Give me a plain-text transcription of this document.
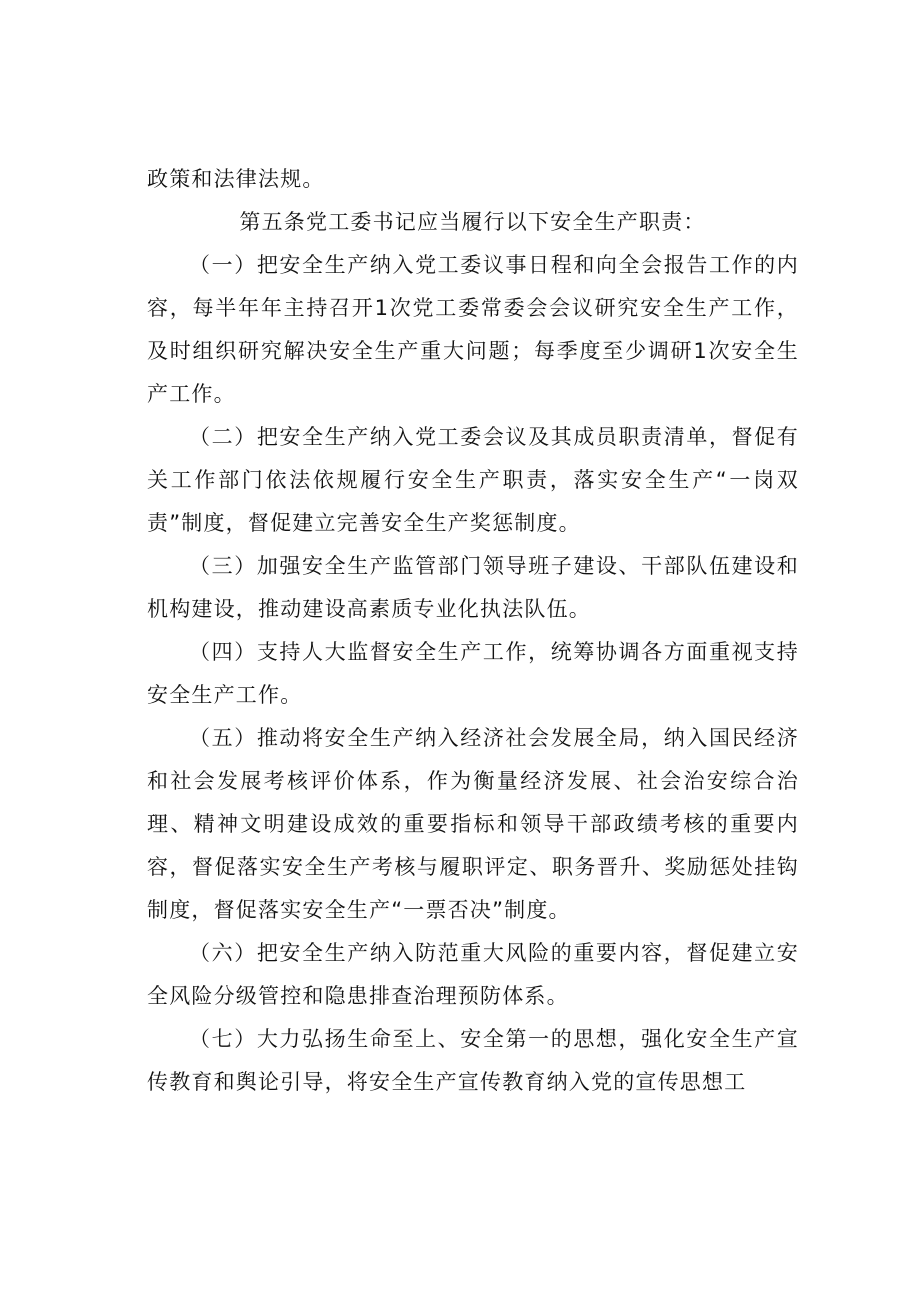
政策和法律法规。

第五条党工委书记应当履行以下安全生产职责：

（一）把安全生产纳入党工委议事日程和向全会报告工作的内容，每半年年主持召开1次党工委常委会会议研究安全生产工作，及时组织研究解决安全生产重大问题；每季度至少调研1次安全生产工作。

（二）把安全生产纳入党工委会议及其成员职责清单，督促有关工作部门依法依规履行安全生产职责，落实安全生产“一岗双责”制度，督促建立完善安全生产奖惩制度。

（三）加强安全生产监管部门领导班子建设、干部队伍建设和机构建设，推动建设高素质专业化执法队伍。

（四）支持人大监督安全生产工作，统筹协调各方面重视支持安全生产工作。

（五）推动将安全生产纳入经济社会发展全局，纳入国民经济和社会发展考核评价体系，作为衡量经济发展、社会治安综合治理、精神文明建设成效的重要指标和领导干部政绩考核的重要内容，督促落实安全生产考核与履职评定、职务晋升、奖励惩处挂钩制度，督促落实安全生产“一票否决”制度。

（六）把安全生产纳入防范重大风险的重要内容，督促建立安全风险分级管控和隐患排查治理预防体系。

（七）大力弘扬生命至上、安全第一的思想，强化安全生产宣传教育和舆论引导，将安全生产宣传教育纳入党的宣传思想工
